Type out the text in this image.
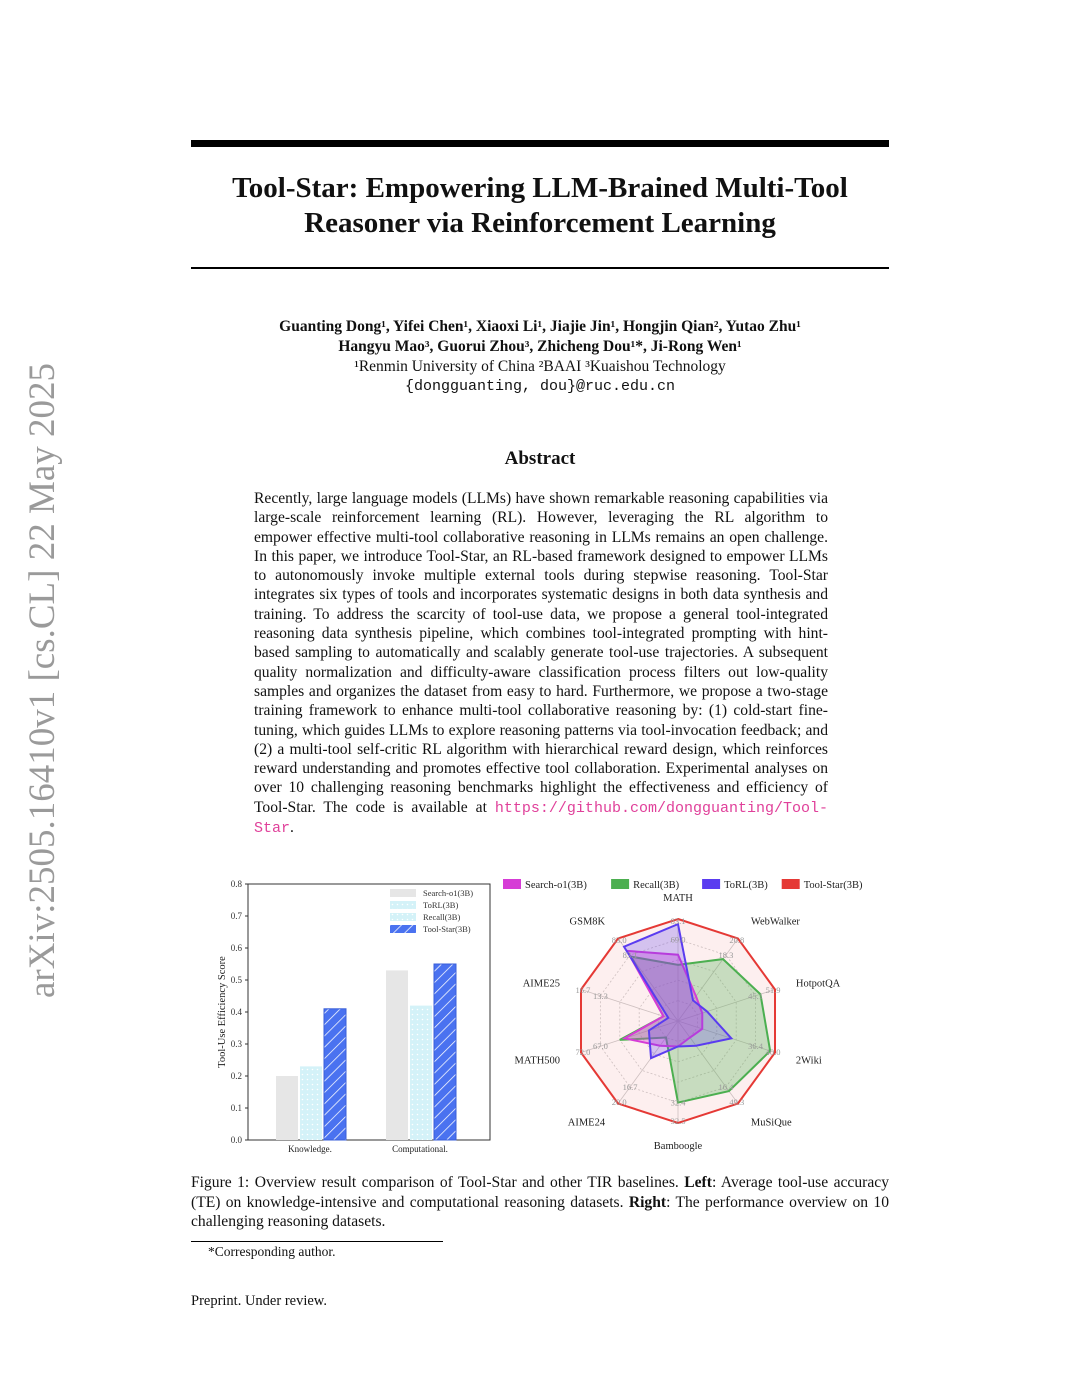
arXiv:2505.16410v1 [cs.CL] 22 May 2025
Tool-Star: Empowering LLM-Brained Multi-Tool Reasoner via Reinforcement Learning
Guanting Dong¹, Yifei Chen¹, Xiaoxi Li¹, Jiajie Jin¹, Hongjin Qian², Yutao Zhu¹
Hangyu Mao³, Guorui Zhou³, Zhicheng Dou¹*, Ji-Rong Wen¹
¹Renmin University of China ²BAAI ³Kuaishou Technology
{dongguanting, dou}@ruc.edu.cn
Abstract
Recently, large language models (LLMs) have shown remarkable reasoning capabilities via large-scale reinforcement learning (RL). However, leveraging the RL algorithm to empower effective multi-tool collaborative reasoning in LLMs remains an open challenge. In this paper, we introduce Tool-Star, an RL-based framework designed to empower LLMs to autonomously invoke multiple external tools during stepwise reasoning. Tool-Star integrates six types of tools and incorporates systematic designs in both data synthesis and training. To address the scarcity of tool-use data, we propose a general tool-integrated reasoning data synthesis pipeline, which combines tool-integrated prompting with hint-based sampling to automatically and scalably generate tool-use trajectories. A subsequent quality normalization and difficulty-aware classification process filters out low-quality samples and organizes the dataset from easy to hard. Furthermore, we propose a two-stage training framework to enhance multi-tool collaborative reasoning by: (1) cold-start fine-tuning, which guides LLMs to explore reasoning patterns via tool-invocation feedback; and (2) a multi-tool self-critic RL algorithm with hierarchical reward design, which reinforces reward understanding and promotes effective tool collaboration. Experimental analyses on over 10 challenging reasoning benchmarks highlight the effectiveness and efficiency of Tool-Star. The code is available at https://github.com/dongguanting/Tool-Star.
0.0
0.1
0.2
0.3
0.4
0.5
0.6
0.7
0.8
Tool-Use Efficiency Score
Knowledge.	Computational.
Search-o1(3B)
ToRL(3B)
Recall(3B)
Tool-Star(3B)
Search-o1(3B)	Recall(3B)	ToRL(3B)	Tool-Star(3B)
MATH
WebWalker
HotpotQA
2Wiki
MuSiQue
Bamboogle
AIME24
MATH500
AIME25
GSM8K	83.1
69.0	20.8
18.3
51.9
45.1
40.0
36.4
49.3
16.4
32.5
32.4
20.0
16.7
72.0
67.0
16.7
13.3
83.0
83.1
Figure 1: Overview result comparison of Tool-Star and other TIR baselines. Left: Average tool-use accuracy (TE) on knowledge-intensive and computational reasoning datasets. Right: The performance overview on 10 challenging reasoning datasets.
*Corresponding author.
Preprint. Under review.
